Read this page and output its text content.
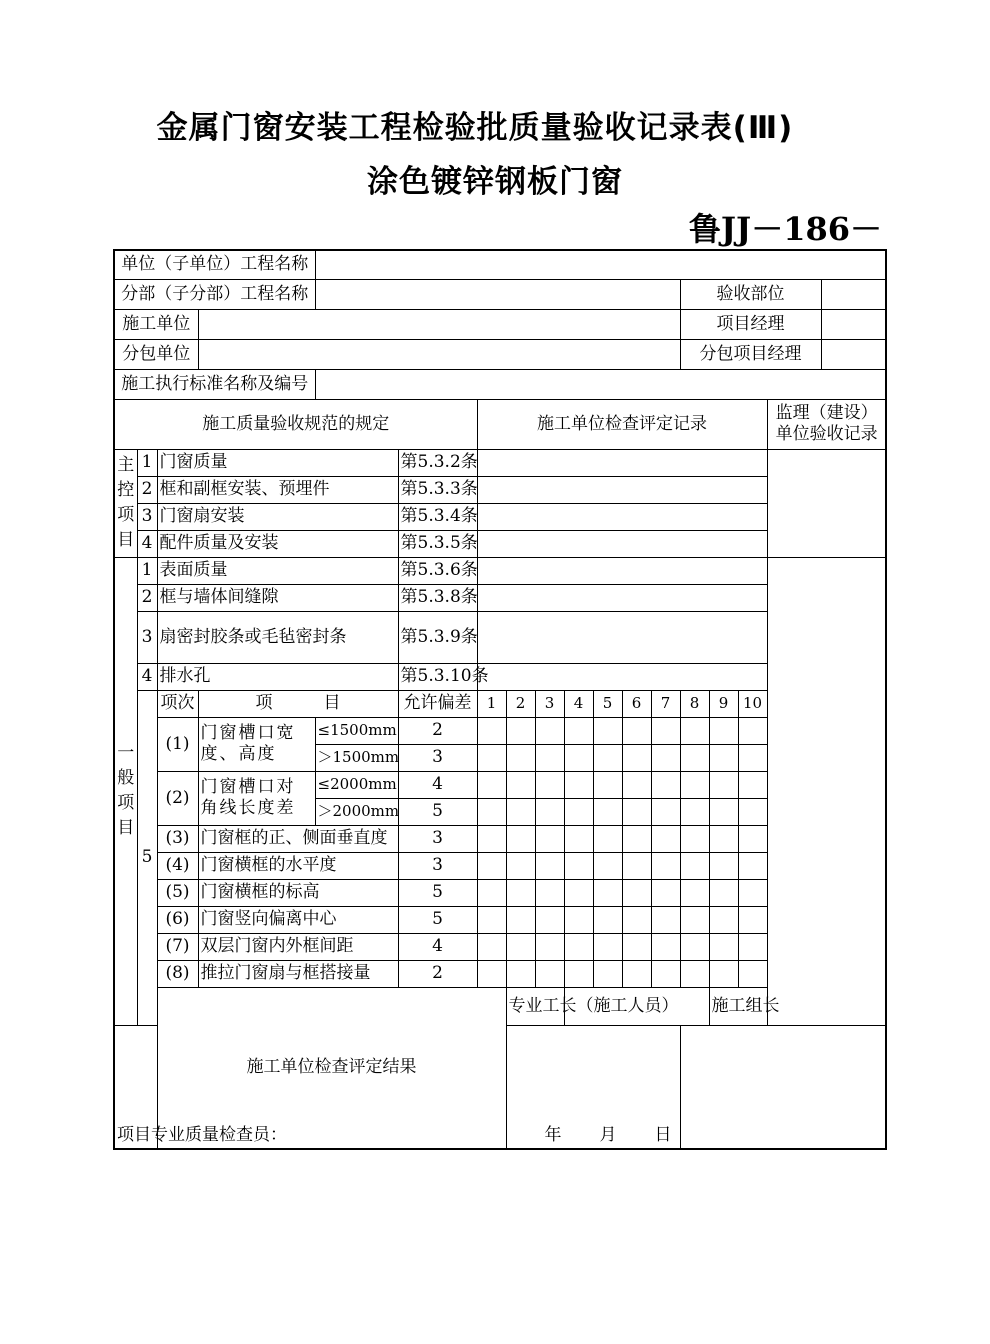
金属门窗安装工程检验批质量验收记录表(Ⅲ)
涂色镀锌钢板门窗
鲁JJ－186－
单位（子单位）工程名称																	
分部（子分部）工程名称													验收部位				

施工单位													项目经理				

分包单位													分包项目经理				

施工执行标准名称及编号																	
施工质量验收规范的规定						施工单位检查评定记录										监理（建设）单位验收记录	
主控项目	1	门窗质量			第5.3.2条												
	2	框和副框安装、预埋件			第5.3.3条												
	3	门窗扇安装			第5.3.4条												
	4	配件质量及安装			第5.3.5条												
一般项目	1	表面质量			第5.3.6条												
	2	框与墙体间缝隙			第5.3.8条												
	3	扇密封胶条或毛毡密封条			第5.3.9条												
	4	排水孔			第5.3.10条												
	5	项次	项　　　目		允许偏差	1	2	3	4	5	6	7	8	9	10		
		(1)	门窗槽口宽度、高度	≤1500mm	2												
				＞1500mm	3												
		(2)	门窗槽口对角线长度差	≤2000mm	4												
				＞2000mm	5												
		(3)	门窗框的正、侧面垂直度		3												
		(4)	门窗横框的水平度		3												
		(5)	门窗横框的标高		5												
		(6)	门窗竖向偏离中心		5												
		(7)	双层门窗内外框间距		4												
		(8)	推拉门窗扇与框搭接量		2												
		施工单位检查评定结果					专业工长（施工人员）							施工组长			

项目专业质量检查员： 年 月 日																	
